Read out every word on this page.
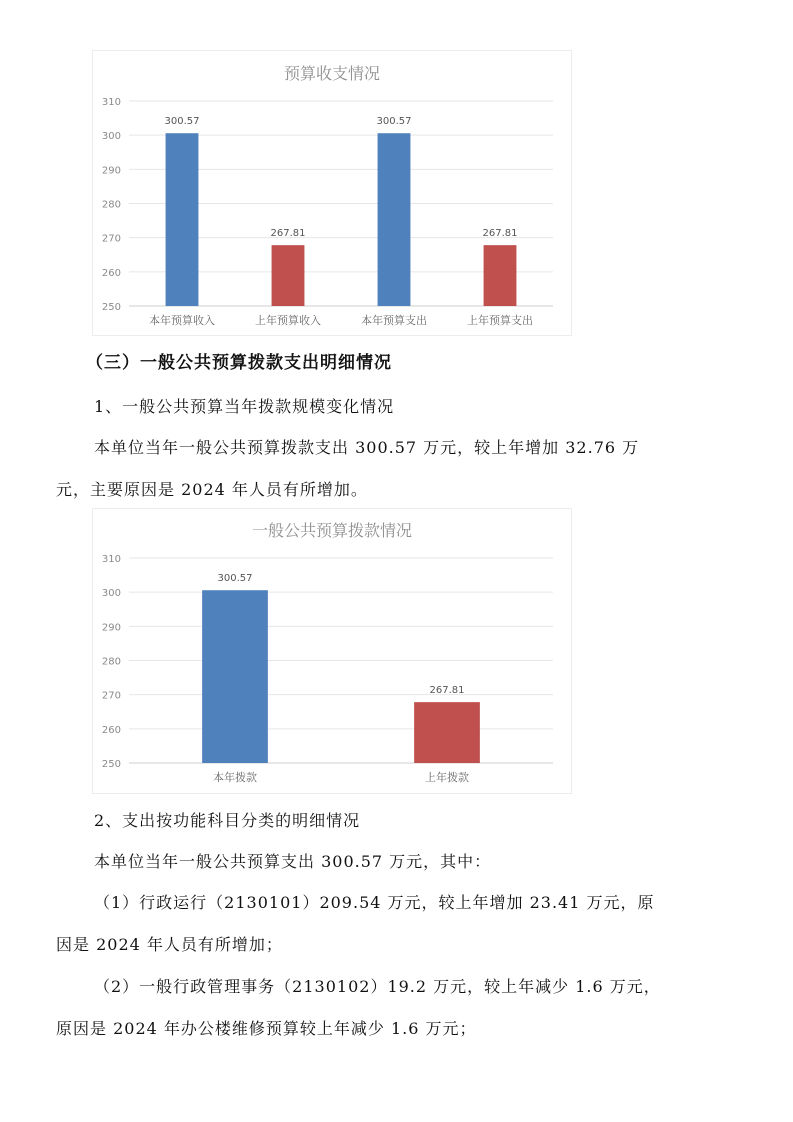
预算收支情况
250
260
270
280
290
300
310
300.57
本年预算收入
267.81
上年预算收入
300.57
本年预算支出
267.81
上年预算支出
（三）一般公共预算拨款支出明细情况
1、一般公共预算当年拨款规模变化情况
本单位当年一般公共预算拨款支出 300.57 万元，较上年增加 32.76 万
元，主要原因是 2024 年人员有所增加。
一般公共预算拨款情况
250
260
270
280
290
300
310
300.57
本年拨款
267.81
上年拨款
2、支出按功能科目分类的明细情况
本单位当年一般公共预算支出 300.57 万元，其中：
（1）行政运行（2130101）209.54 万元，较上年增加 23.41 万元，原
因是 2024 年人员有所增加；
（2）一般行政管理事务（2130102）19.2 万元，较上年减少 1.6 万元，
原因是 2024 年办公楼维修预算较上年减少 1.6 万元；
